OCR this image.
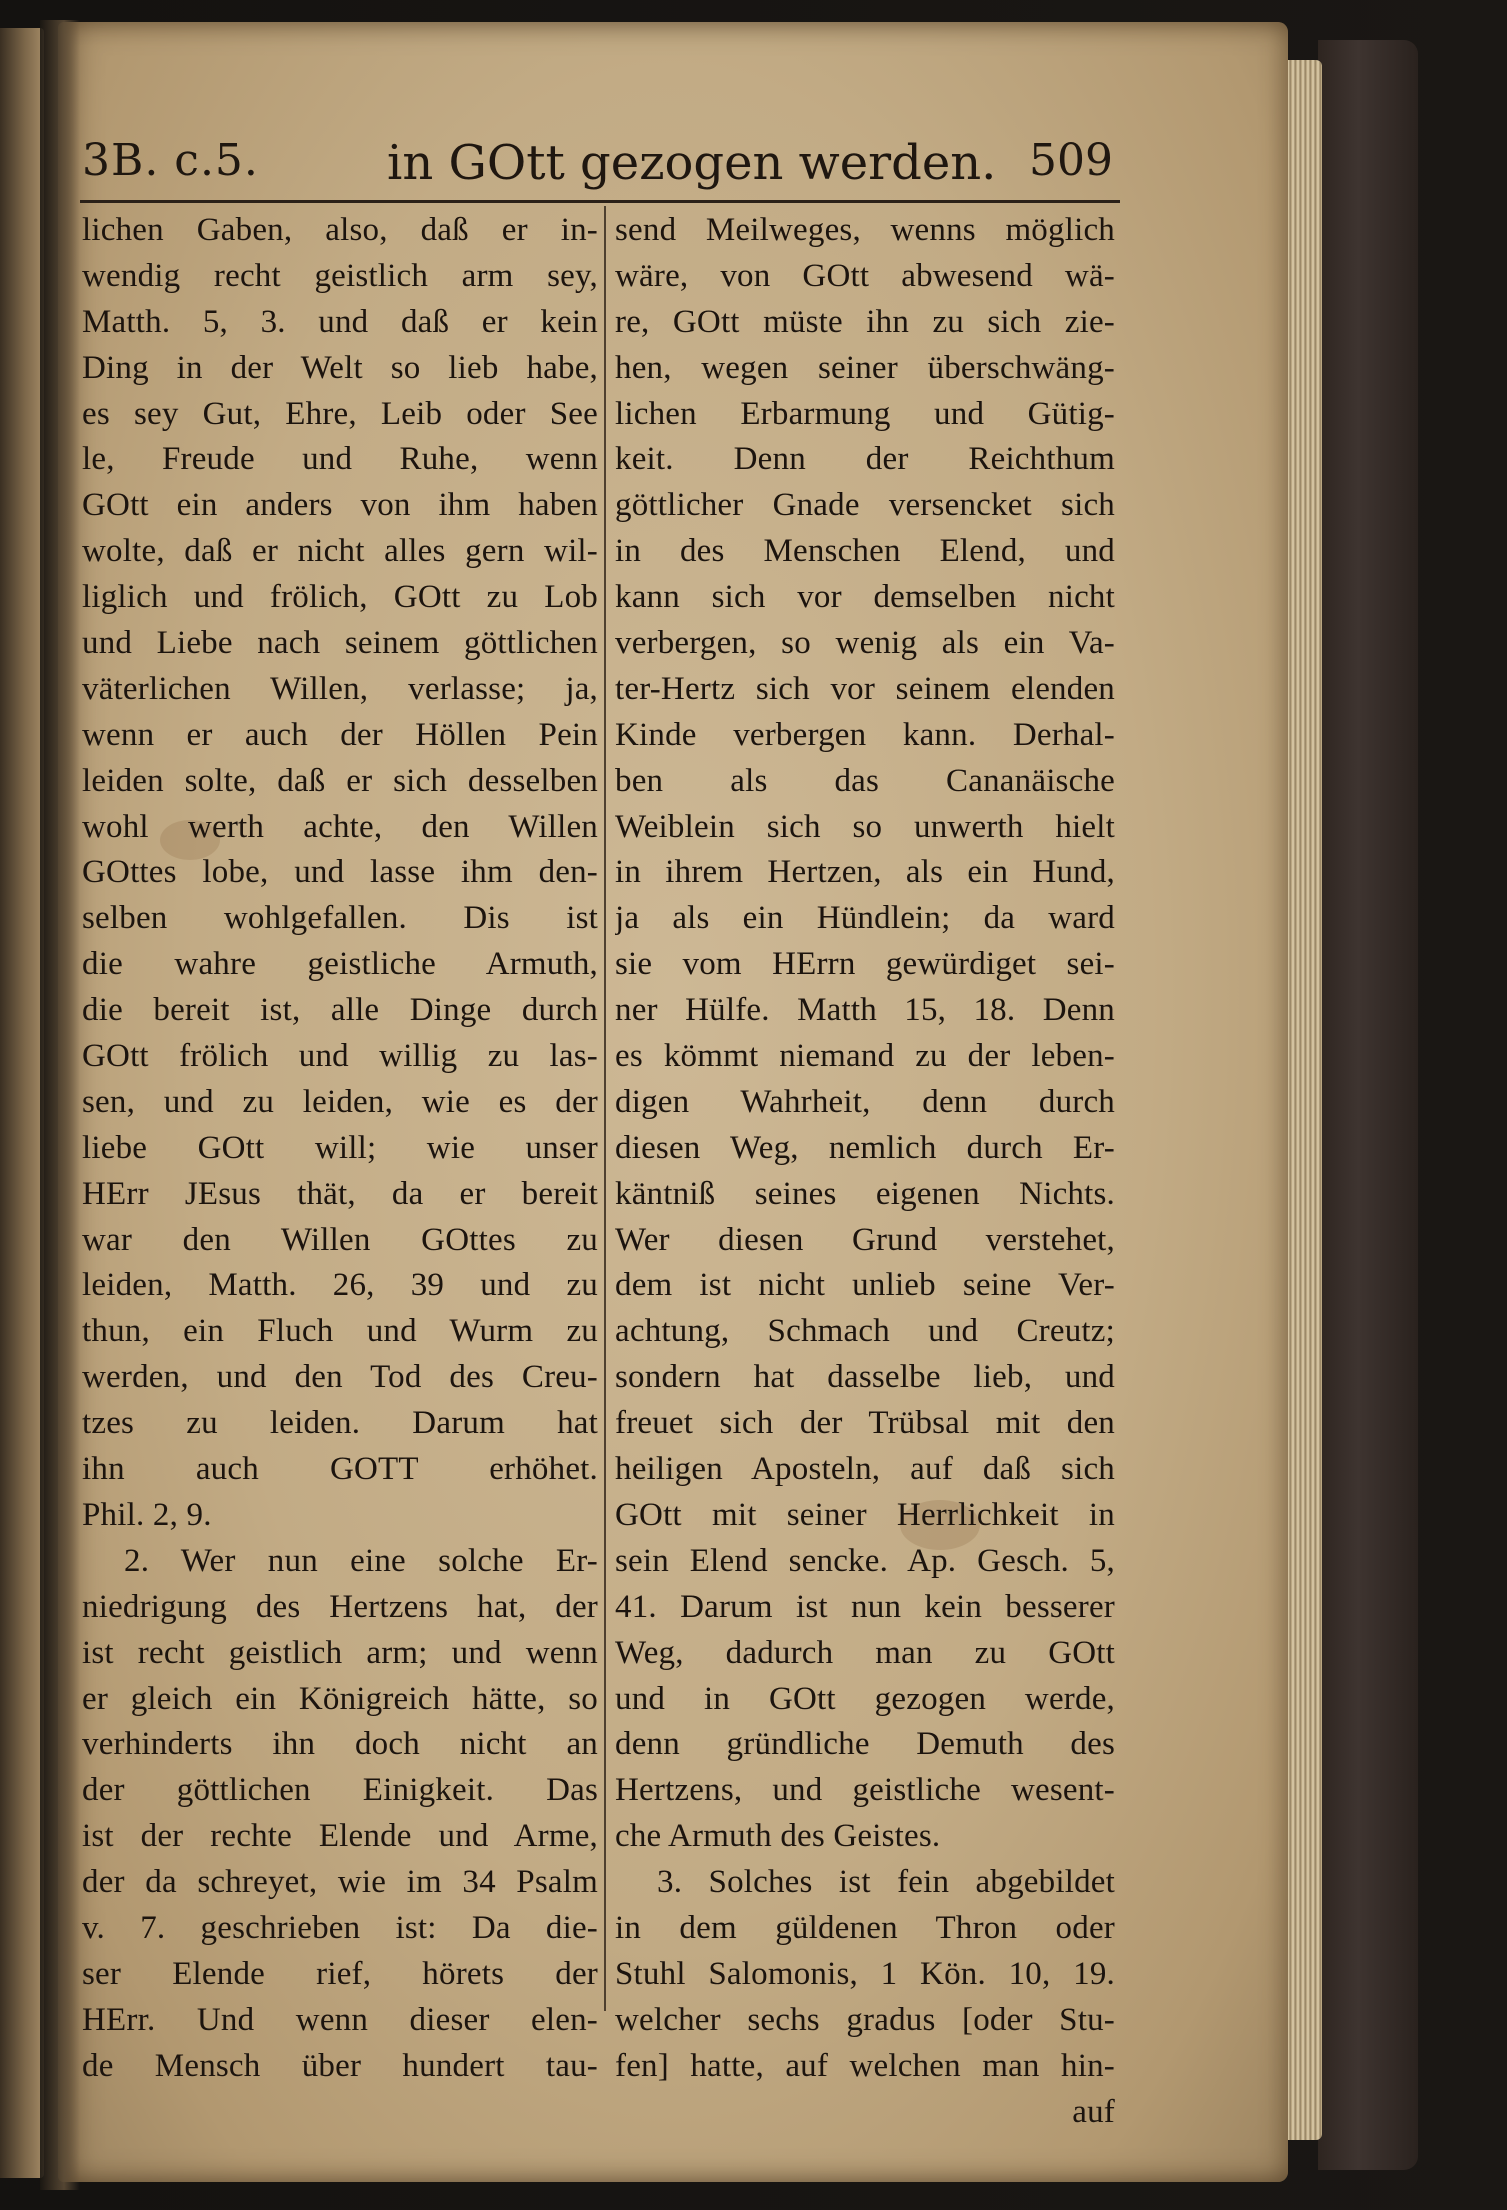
3B. c.5.	in GOtt gezogen werden. 509
lichen Gaben, also, daß er in-
wendig recht geistlich arm sey,
Matth. 5, 3. und daß er kein
Ding in der Welt so lieb habe,
es sey Gut, Ehre, Leib oder See
le, Freude und Ruhe, wenn
GOtt ein anders von ihm haben
wolte, daß er nicht alles gern wil-
liglich und frölich, GOtt zu Lob
und Liebe nach seinem göttlichen
väterlichen Willen, verlasse; ja,
wenn er auch der Höllen Pein
leiden solte, daß er sich desselben
wohl werth achte, den Willen
GOttes lobe, und lasse ihm den-
selben wohlgefallen. Dis ist
die wahre geistliche Armuth,
die bereit ist, alle Dinge durch
GOtt frölich und willig zu las-
sen, und zu leiden, wie es der
liebe GOtt will; wie unser
HErr JEsus thät, da er bereit
war den Willen GOttes zu
leiden, Matth. 26, 39 und zu
thun, ein Fluch und Wurm zu
werden, und den Tod des Creu-
tzes zu leiden. Darum hat
ihn auch GOTT erhöhet.
Phil. 2, 9.
2. Wer nun eine solche Er-
niedrigung des Hertzens hat, der
ist recht geistlich arm; und wenn
er gleich ein Königreich hätte, so
verhinderts ihn doch nicht an
der göttlichen Einigkeit. Das
ist der rechte Elende und Arme,
der da schreyet, wie im 34 Psalm
v. 7. geschrieben ist: Da die-
ser Elende rief, hörets der
HErr. Und wenn dieser elen-
de Mensch über hundert tau-
send Meilweges, wenns möglich
wäre, von GOtt abwesend wä-
re, GOtt müste ihn zu sich zie-
hen, wegen seiner überschwäng-
lichen Erbarmung und Gütig-
keit. Denn der Reichthum
göttlicher Gnade versencket sich
in des Menschen Elend, und
kann sich vor demselben nicht
verbergen, so wenig als ein Va-
ter-Hertz sich vor seinem elenden
Kinde verbergen kann. Derhal-
ben als das Cananäische
Weiblein sich so unwerth hielt
in ihrem Hertzen, als ein Hund,
ja als ein Hündlein; da ward
sie vom HErrn gewürdiget sei-
ner Hülfe. Matth 15, 18. Denn
es kömmt niemand zu der leben-
digen Wahrheit, denn durch
diesen Weg, nemlich durch Er-
käntniß seines eigenen Nichts.
Wer diesen Grund verstehet,
dem ist nicht unlieb seine Ver-
achtung, Schmach und Creutz;
sondern hat dasselbe lieb, und
freuet sich der Trübsal mit den
heiligen Aposteln, auf daß sich
GOtt mit seiner Herrlichkeit in
sein Elend sencke. Ap. Gesch. 5,
41. Darum ist nun kein besserer
Weg, dadurch man zu GOtt
und in GOtt gezogen werde,
denn gründliche Demuth des
Hertzens, und geistliche wesent-
che Armuth des Geistes.
3. Solches ist fein abgebildet
in dem güldenen Thron oder
Stuhl Salomonis, 1 Kön. 10, 19.
welcher sechs gradus [oder Stu-
fen] hatte, auf welchen man hin-
auf
